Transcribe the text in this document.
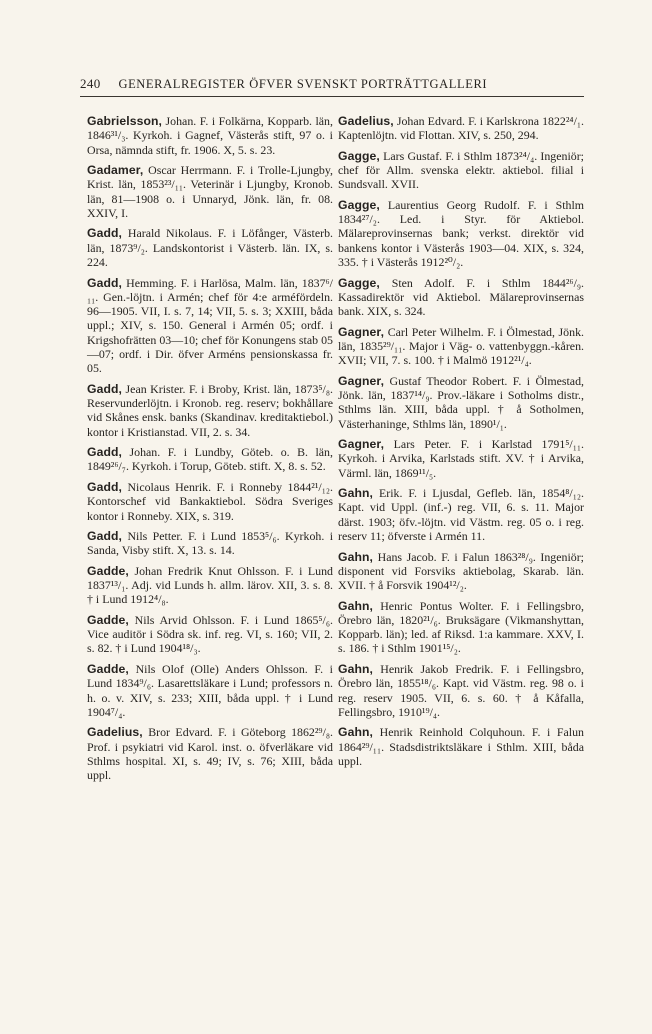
240 GENERALREGISTER ÖFVER SVENSKT PORTRÄTTGALLERI

Gabrielsson, Johan. F. i Folkärna, Kopparb. län, 1846³¹/₃. Kyrkoh. i Gagnef, Västerås stift, 97 o. i Orsa, nämnda stift, fr. 1906. X, 5. s. 23.

Gadamer, Oscar Herrmann. F. i Trolle-Ljungby, Krist. län, 1853²³/₁₁. Veterinär i Ljungby, Kronob. län, 81—1908 o. i Unnaryd, Jönk. län, fr. 08. XXIV, I.

Gadd, Harald Nikolaus. F. i Löfånger, Västerb. län, 1873⁹/₂. Landskontorist i Västerb. län. IX, s. 224.

Gadd, Hemming. F. i Harlösa, Malm. län, 1837⁶/₁₁. Gen.-löjtn. i Armén; chef för 4:e arméfördeln. 96—1905. VII, I. s. 7, 14; VII, 5. s. 3; XXIII, båda uppl.; XIV, s. 150. General i Armén 05; ordf. i Krigshofrätten 03—10; chef för Konungens stab 05—07; ordf. i Dir. öfver Arméns pensionskassa fr. 05.

Gadd, Jean Krister. F. i Broby, Krist. län, 1873⁵/₈. Reservunderlöjtn. i Kronob. reg. reserv; bokhållare vid Skånes ensk. banks (Skandinav. kreditaktiebol.) kontor i Kristianstad. VII, 2. s. 34.

Gadd, Johan. F. i Lundby, Göteb. o. B. län, 1849²⁶/₇. Kyrkoh. i Torup, Göteb. stift. X, 8. s. 52.

Gadd, Nicolaus Henrik. F. i Ronneby 1844²¹/₁₂. Kontorschef vid Bankaktiebol. Södra Sveriges kontor i Ronneby. XIX, s. 319.

Gadd, Nils Petter. F. i Lund 1853⁵/₆. Kyrkoh. i Sanda, Visby stift. X, 13. s. 14.

Gadde, Johan Fredrik Knut Ohlsson. F. i Lund 1837¹³/₁. Adj. vid Lunds h. allm. lärov. XII, 3. s. 8. † i Lund 1912⁴/₈.

Gadde, Nils Arvid Ohlsson. F. i Lund 1865⁵/₆. Vice auditör i Södra sk. inf. reg. VI, s. 160; VII, 2. s. 82. † i Lund 1904¹⁸/₃.

Gadde, Nils Olof (Olle) Anders Ohlsson. F. i Lund 1834⁹/₆. Lasarettsläkare i Lund; professors n. h. o. v. XIV, s. 233; XIII, båda uppl. † i Lund 1904⁷/₄.

Gadelius, Bror Edvard. F. i Göteborg 1862²⁹/₈. Prof. i psykiatri vid Karol. inst. o. öfverläkare vid Sthlms hospital. XI, s. 49; IV, s. 76; XIII, båda uppl.

Gadelius, Johan Edvard. F. i Karlskrona 1822²⁴/₁. Kaptenlöjtn. vid Flottan. XIV, s. 250, 294.

Gagge, Lars Gustaf. F. i Sthlm 1873²⁴/₄. Ingeniör; chef för Allm. svenska elektr. aktiebol. filial i Sundsvall. XVII.

Gagge, Laurentius Georg Rudolf. F. i Sthlm 1834²⁷/₂. Led. i Styr. för Aktiebol. Mälareprovinsernas bank; verkst. direktör vid bankens kontor i Västerås 1903—04. XIX, s. 324, 335. † i Västerås 1912²⁰/₂.

Gagge, Sten Adolf. F. i Sthlm 1844²⁶/₉. Kassadirektör vid Aktiebol. Mälareprovinsernas bank. XIX, s. 324.

Gagner, Carl Peter Wilhelm. F. i Ölmestad, Jönk. län, 1835²⁹/₁₁. Major i Väg- o. vattenbyggn.-kåren. XVII; VII, 7. s. 100. † i Malmö 1912²¹/₄.

Gagner, Gustaf Theodor Robert. F. i Ölmestad, Jönk. län, 1837¹⁴/₉. Prov.-läkare i Sotholms distr., Sthlms län. XIII, båda uppl. † å Sotholmen, Västerhaninge, Sthlms län, 1890¹/₁.

Gagner, Lars Peter. F. i Karlstad 1791⁵/₁₁. Kyrkoh. i Arvika, Karlstads stift. XV. † i Arvika, Värml. län, 1869¹¹/₅.

Gahn, Erik. F. i Ljusdal, Gefleb. län, 1854⁸/₁₂. Kapt. vid Uppl. (inf.-) reg. VII, 6. s. 11. Major därst. 1903; öfv.-löjtn. vid Västm. reg. 05 o. i reg. reserv 11; öfverste i Armén 11.

Gahn, Hans Jacob. F. i Falun 1863²⁸/₉. Ingeniör; disponent vid Forsviks aktiebolag, Skarab. län. XVII. † å Forsvik 1904¹²/₂.

Gahn, Henric Pontus Wolter. F. i Fellingsbro, Örebro län, 1820²¹/₆. Bruksägare (Vikmanshyttan, Kopparb. län); led. af Riksd. 1:a kammare. XXV, I. s. 186. † i Sthlm 1901¹⁵/₂.

Gahn, Henrik Jakob Fredrik. F. i Fellingsbro, Örebro län, 1855¹⁸/₆. Kapt. vid Västm. reg. 98 o. i reg. reserv 1905. VII, 6. s. 60. † å Kåfalla, Fellingsbro, 1910¹⁹/₄.

Gahn, Henrik Reinhold Colquhoun. F. i Falun 1864²⁹/₁₁. Stadsdistriktsläkare i Sthlm. XIII, båda uppl.
